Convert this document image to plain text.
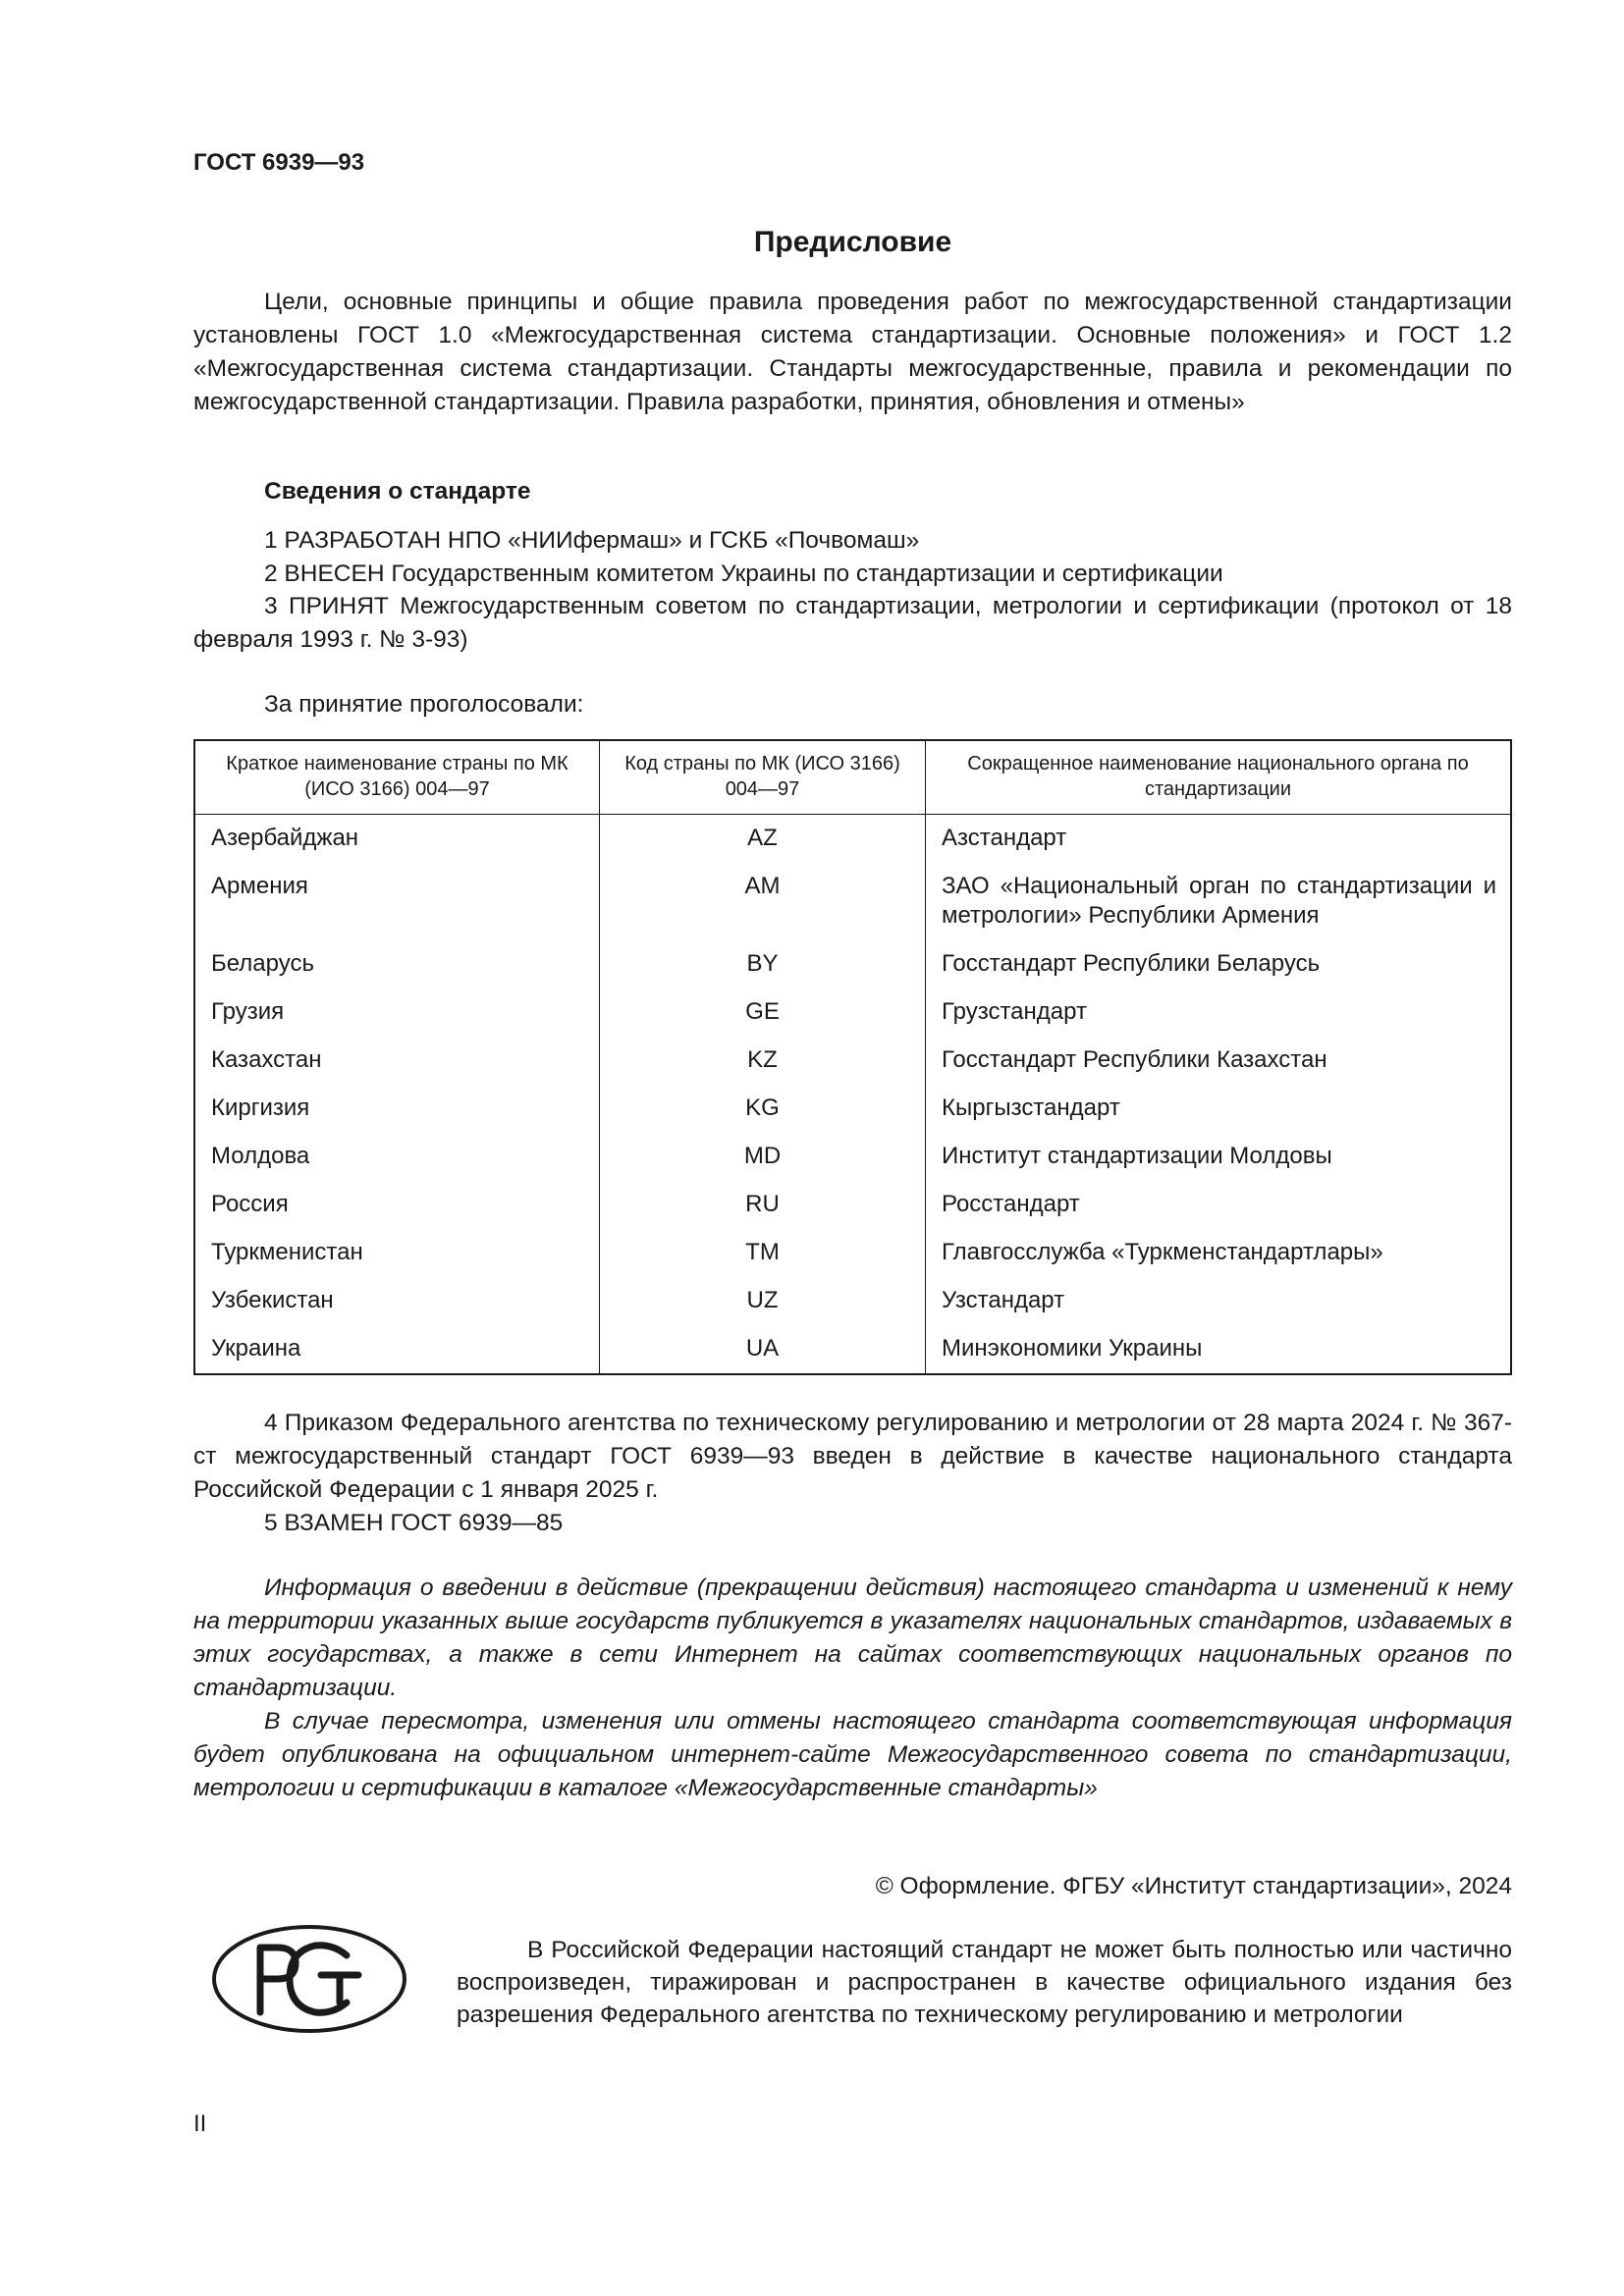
ГОСТ 6939—93
Предисловие
Цели, основные принципы и общие правила проведения работ по межгосударственной стандартизации установлены ГОСТ 1.0 «Межгосударственная система стандартизации. Основные положения» и ГОСТ 1.2 «Межгосударственная система стандартизации. Стандарты межгосударственные, правила и рекомендации по межгосударственной стандартизации. Правила разработки, принятия, обновления и отмены»
Сведения о стандарте
1 РАЗРАБОТАН НПО «НИИфермаш» и ГСКБ «Почвомаш»
2 ВНЕСЕН Государственным комитетом Украины по стандартизации и сертификации
3 ПРИНЯТ Межгосударственным советом по стандартизации, метрологии и сертификации (протокол от 18 февраля 1993 г. № 3-93)
За принятие проголосовали:
Краткое наименование страны по МК (ИСО 3166) 004—97	Код страны по МК (ИСО 3166) 004—97	Сокращенное наименование национального органа по стандартизации
Азербайджан	AZ	Азстандарт
Армения	AM	ЗАО «Национальный орган по стандартизации и метрологии» Республики Армения
Беларусь	BY	Госстандарт Республики Беларусь
Грузия	GE	Грузстандарт
Казахстан	KZ	Госстандарт Республики Казахстан
Киргизия	KG	Кыргызстандарт
Молдова	MD	Институт стандартизации Молдовы
Россия	RU	Росстандарт
Туркменистан	TM	Главгосслужба «Туркменстандартлары»
Узбекистан	UZ	Узстандарт
Украина	UA	Минэкономики Украины
4 Приказом Федерального агентства по техническому регулированию и метрологии от 28 марта 2024 г. № 367-ст межгосударственный стандарт ГОСТ 6939—93 введен в действие в качестве национального стандарта Российской Федерации с 1 января 2025 г.
5 ВЗАМЕН ГОСТ 6939—85
Информация о введении в действие (прекращении действия) настоящего стандарта и изменений к нему на территории указанных выше государств публикуется в указателях национальных стандартов, издаваемых в этих государствах, а также в сети Интернет на сайтах соответствующих национальных органов по стандартизации.
В случае пересмотра, изменения или отмены настоящего стандарта соответствующая информация будет опубликована на официальном интернет-сайте Межгосударственного совета по стандартизации, метрологии и сертификации в каталоге «Межгосударственные стандарты»
© Оформление. ФГБУ «Институт стандартизации», 2024
В Российской Федерации настоящий стандарт не может быть полностью или частично воспроизведен, тиражирован и распространен в качестве официального издания без разрешения Федерального агентства по техническому регулированию и метрологии
II
